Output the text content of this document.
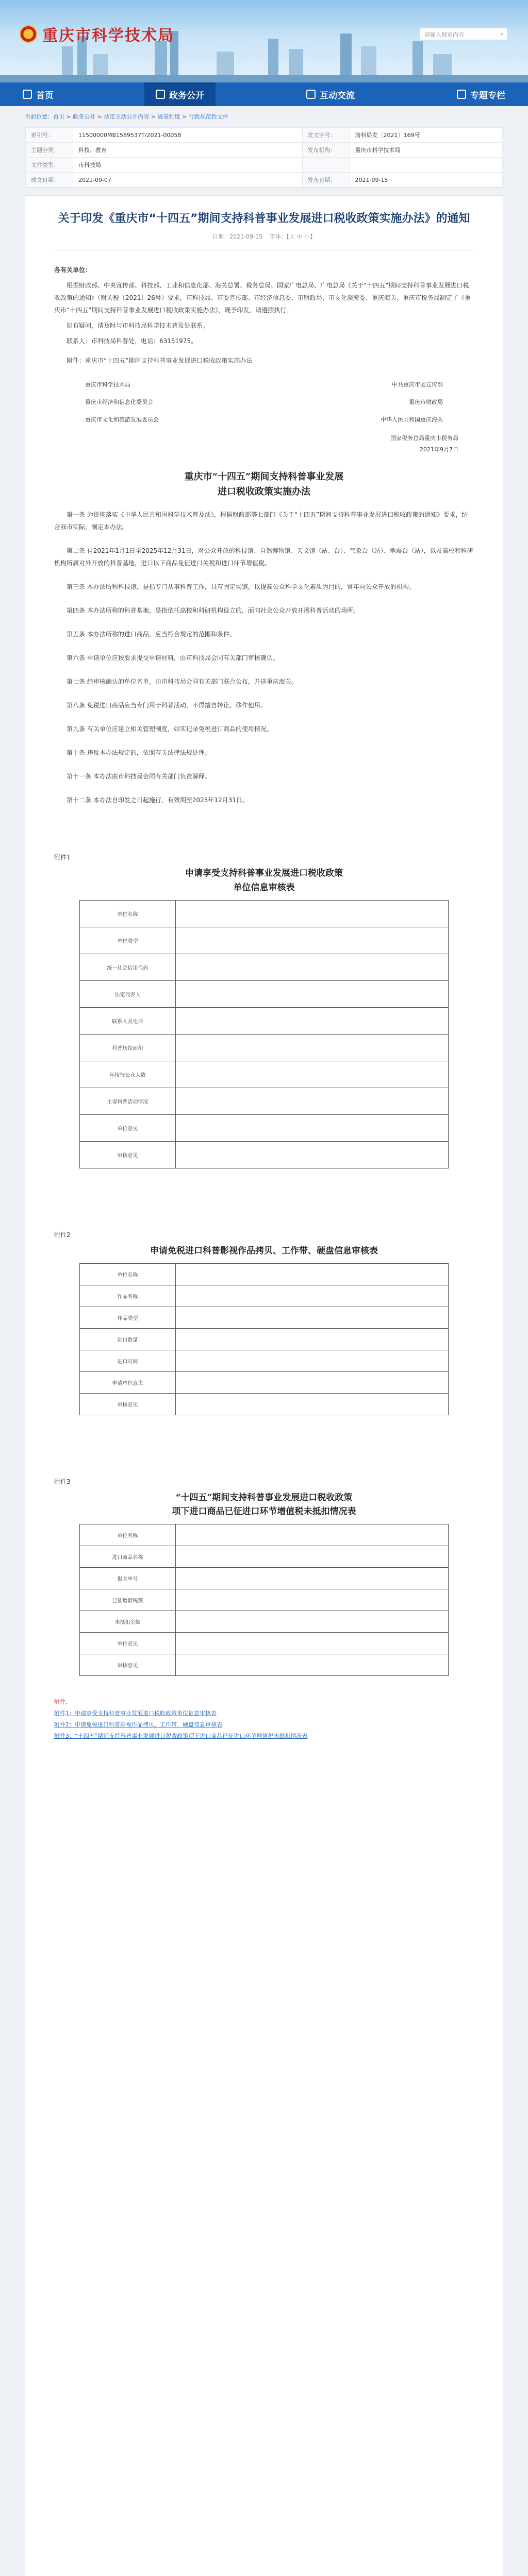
重庆市科学技术局	请输入搜索内容	⌕
首页	政务公开	互动交流	专题专栏
当前位置：首页 > 政务公开 > 法定主动公开内容 > 规章制度 > 行政规范性文件
索引号：	11500000MB1589537T/2021-00058	发文字号：	渝科局发〔2021〕169号
主题分类：	科技、教育	发布机构：	重庆市科学技术局
文件类型：	市科技局		
成文日期：	2021-09-07	发布日期：	2021-09-15
关于印发《重庆市“十四五”期间支持科普事业发展进口税收政策实施办法》的通知
日期：2021-09-15 字体：【大 中 小】

各有关单位：

根据财政部、中央宣传部、科技部、工业和信息化部、海关总署、税务总局、国家广电总局、广电总局《关于“十四五”期间支持科普事业发展进口税收政策的通知》（财关税〔2021〕26号）要求，市科技局、市委宣传部、市经济信息委、市财政局、市文化旅游委、重庆海关、重庆市税务局制定了《重庆市“十四五”期间支持科普事业发展进口税收政策实施办法》，现予印发，请遵照执行。

如有疑问，请及时与市科技局科学技术普及处联系。

联系人：市科技局科普处，电话：63151975。

附件：重庆市“十四五”期间支持科普事业发展进口税收政策实施办法

重庆市科学技术局	中共重庆市委宣传部
重庆市经济和信息化委员会	重庆市财政局
重庆市文化和旅游发展委员会	中华人民共和国重庆海关
国家税务总局重庆市税务局
2021年9月7日
重庆市“十四五”期间支持科普事业发展
进口税收政策实施办法

第一条 为贯彻落实《中华人民共和国科学技术普及法》，根据财政部等七部门《关于“十四五”期间支持科普事业发展进口税收政策的通知》要求，结合我市实际，制定本办法。

第二条 自2021年1月1日至2025年12月31日，对公众开放的科技馆、自然博物馆、天文馆（站、台）、气象台（站）、地震台（站），以及高校和科研机构所属对外开放的科普基地，进口以下商品免征进口关税和进口环节增值税。

第三条 本办法所称科技馆，是指专门从事科普工作，具有固定场馆，以提高公众科学文化素质为目的，常年向公众开放的机构。

第四条 本办法所称的科普基地，是指依托高校和科研机构设立的，面向社会公众开放开展科普活动的场所。

第五条 本办法所称的进口商品，应当符合规定的范围和条件。

第六条 申请单位应按要求提交申请材料，由市科技局会同有关部门审核确认。

第七条 经审核确认的单位名单，由市科技局会同有关部门联合公布，并送重庆海关。

第八条 免税进口商品应当专门用于科普活动，不得擅自转让、移作他用。

第九条 有关单位应建立相关管理制度，如实记录免税进口商品的使用情况。

第十条 违反本办法规定的，依照有关法律法规处理。

第十一条 本办法由市科技局会同有关部门负责解释。

第十二条 本办法自印发之日起施行，有效期至2025年12月31日。

附件1
申请享受支持科普事业发展进口税收政策
单位信息审核表
单位名称	
单位类型	
统一社会信用代码	
法定代表人	
联系人及电话	
科普场馆面积	
年接待公众人数	
主要科普活动情况	
单位意见	
审核意见	
附件2
申请免税进口科普影视作品拷贝、工作带、硬盘信息审核表
单位名称	
作品名称	
作品类型	
进口数量	
进口时间	
申请单位意见	
审核意见	
附件3
“十四五”期间支持科普事业发展进口税收政策
项下进口商品已征进口环节增值税未抵扣情况表
单位名称	
进口商品名称	
报关单号	
已征增值税额	
未抵扣金额	
单位意见	
审核意见	
附件：
附件1：申请享受支持科普事业发展进口税收政策单位信息审核表
附件2：申请免税进口科普影视作品拷贝、工作带、硬盘信息审核表
附件3：“十四五”期间支持科普事业发展进口税收政策项下进口商品已征进口环节增值税未抵扣情况表
